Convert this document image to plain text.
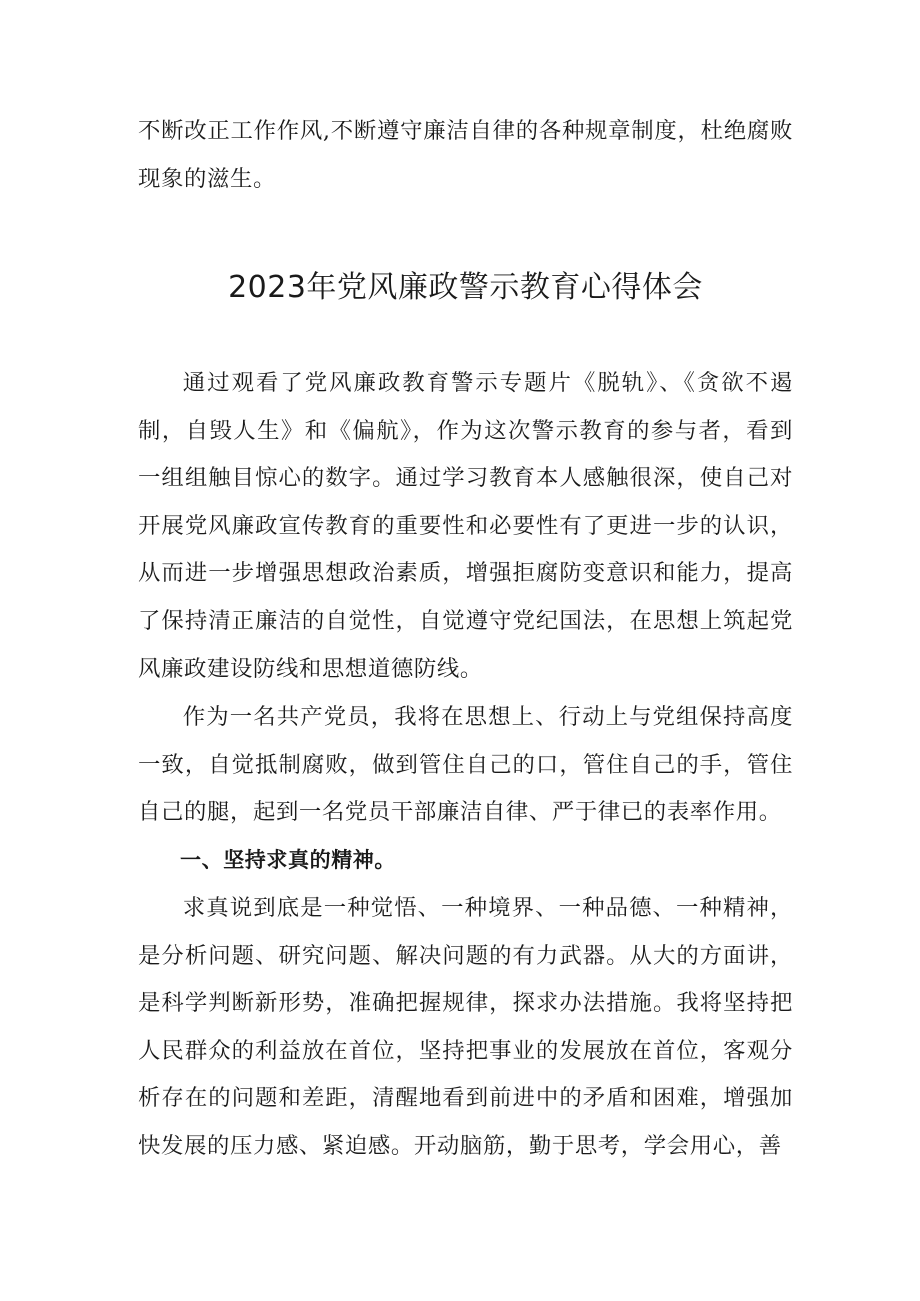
不断改正工作作风,不断遵守廉洁自律的各种规章制度，杜绝腐败现象的滋生。

2023年党风廉政警示教育心得体会

通过观看了党风廉政教育警示专题片《脱轨》、《贪欲不遏制，自毁人生》和《偏航》，作为这次警示教育的参与者，看到一组组触目惊心的数字。通过学习教育本人感触很深，使自己对开展党风廉政宣传教育的重要性和必要性有了更进一步的认识，从而进一步增强思想政治素质，增强拒腐防变意识和能力，提高了保持清正廉洁的自觉性，自觉遵守党纪国法，在思想上筑起党风廉政建设防线和思想道德防线。

作为一名共产党员，我将在思想上、行动上与党组保持高度一致，自觉抵制腐败，做到管住自己的口，管住自己的手，管住自己的腿，起到一名党员干部廉洁自律、严于律已的表率作用。

一、坚持求真的精神。

求真说到底是一种觉悟、一种境界、一种品德、一种精神，是分析问题、研究问题、解决问题的有力武器。从大的方面讲，是科学判断新形势，准确把握规律，探求办法措施。我将坚持把人民群众的利益放在首位，坚持把事业的发展放在首位，客观分析存在的问题和差距，清醒地看到前进中的矛盾和困难，增强加快发展的压力感、紧迫感。开动脑筋，勤于思考，学会用心，善
